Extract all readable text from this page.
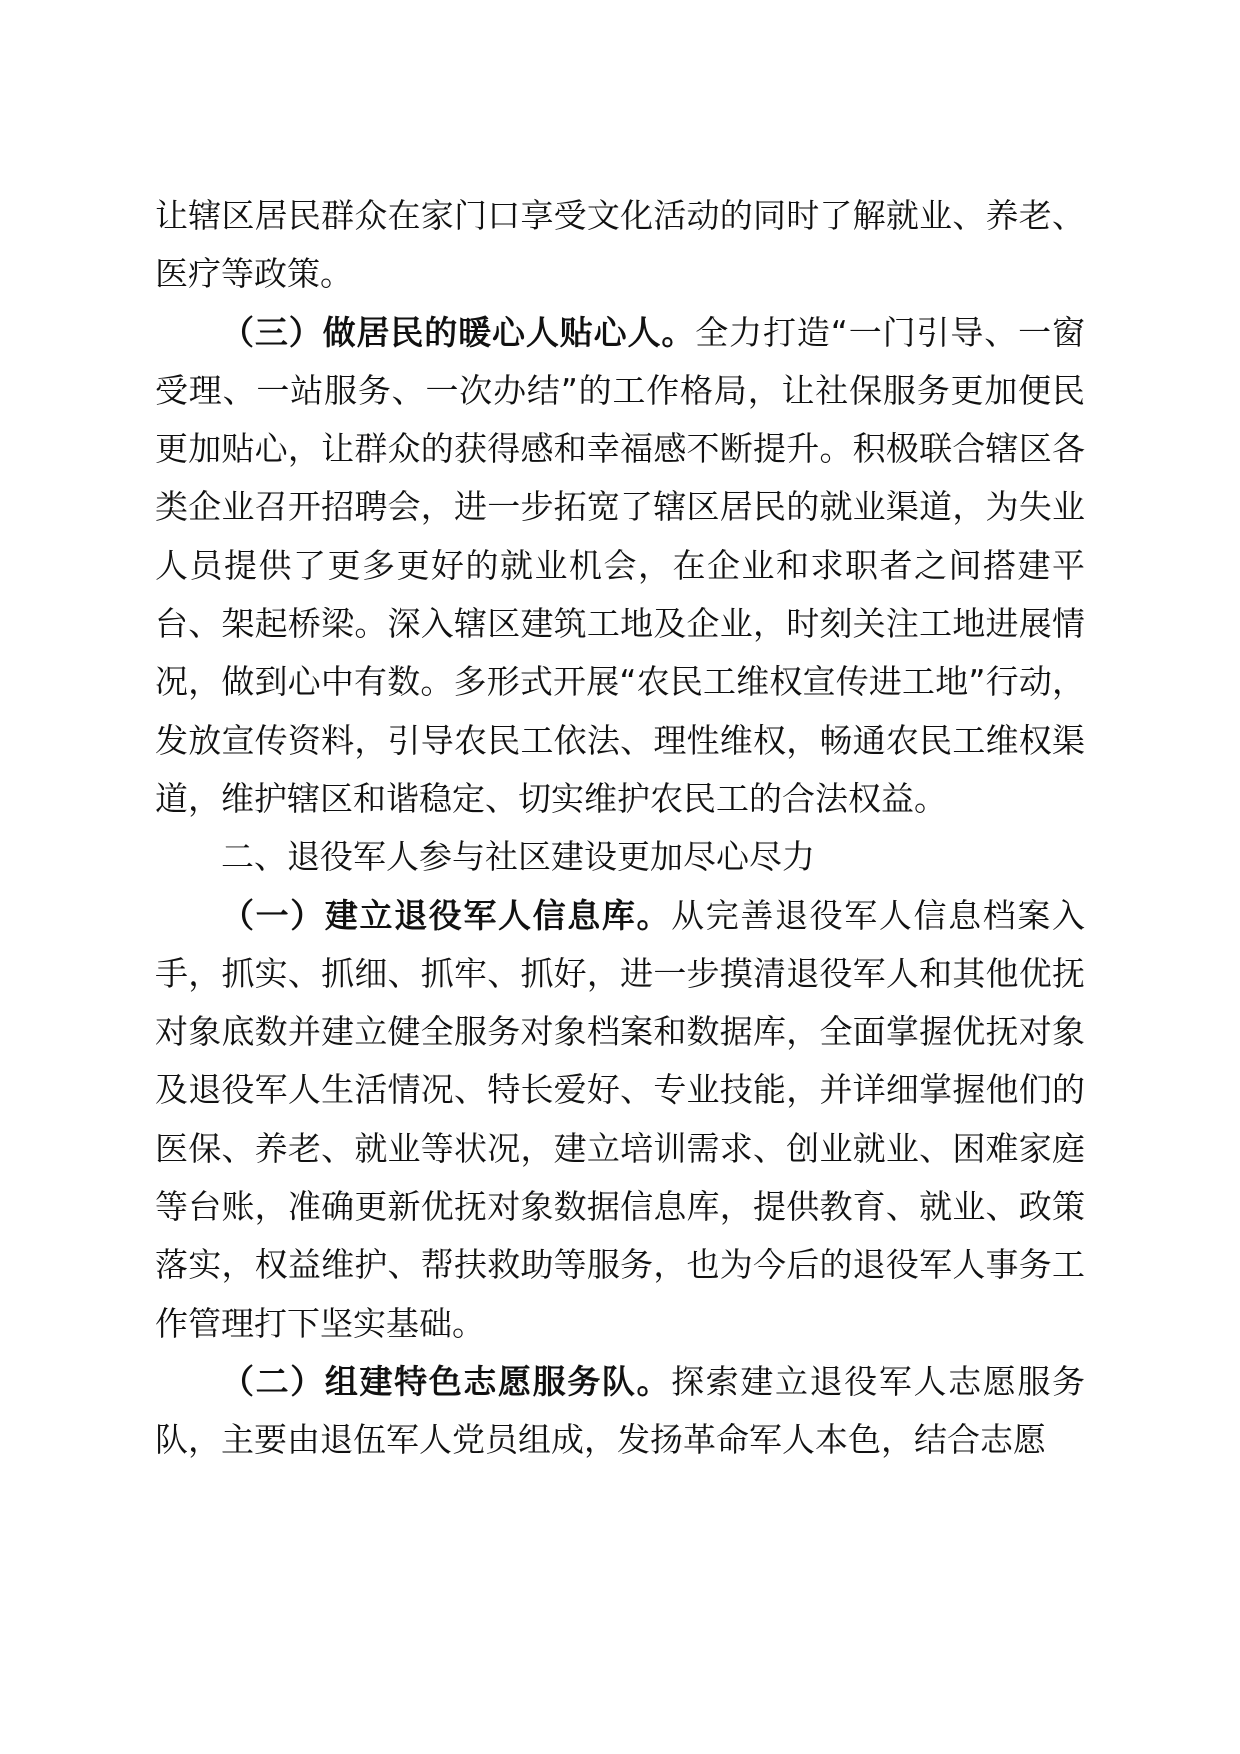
让辖区居民群众在家门口享受文化活动的同时了解就业、养老、医疗等政策。

（三）做居民的暖心人贴心人。全力打造“一门引导、一窗受理、一站服务、一次办结”的工作格局，让社保服务更加便民更加贴心，让群众的获得感和幸福感不断提升。积极联合辖区各类企业召开招聘会，进一步拓宽了辖区居民的就业渠道，为失业人员提供了更多更好的就业机会，在企业和求职者之间搭建平台、架起桥梁。深入辖区建筑工地及企业，时刻关注工地进展情况，做到心中有数。多形式开展“农民工维权宣传进工地”行动，发放宣传资料，引导农民工依法、理性维权，畅通农民工维权渠道，维护辖区和谐稳定、切实维护农民工的合法权益。

二、退役军人参与社区建设更加尽心尽力

（一）建立退役军人信息库。从完善退役军人信息档案入手，抓实、抓细、抓牢、抓好，进一步摸清退役军人和其他优抚对象底数并建立健全服务对象档案和数据库，全面掌握优抚对象及退役军人生活情况、特长爱好、专业技能，并详细掌握他们的医保、养老、就业等状况，建立培训需求、创业就业、困难家庭等台账，准确更新优抚对象数据信息库，提供教育、就业、政策落实，权益维护、帮扶救助等服务，也为今后的退役军人事务工作管理打下坚实基础。

（二）组建特色志愿服务队。探索建立退役军人志愿服务队，主要由退伍军人党员组成，发扬革命军人本色，结合志愿
